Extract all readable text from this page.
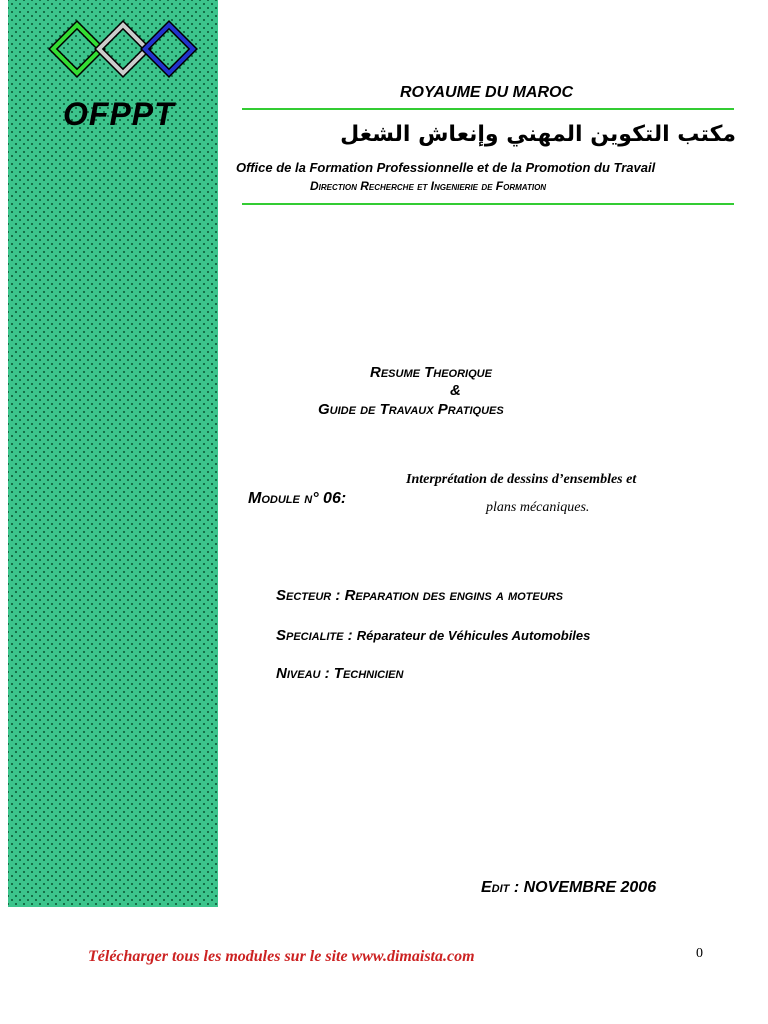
OFPPT
ROYAUME DU MAROC
مكتب التكوين المهني وإنعاش الشغل
Office de la Formation Professionnelle et de la Promotion du Travail
Direction Recherche et Ingenierie de Formation
Resume Theorique
&
Guide de Travaux Pratiques
Module n° 06:
Interprétation de dessins d’ensembles et
plans mécaniques.
Secteur : Reparation des engins a moteurs
Specialite : Réparateur de Véhicules Automobiles
Niveau : Technicien
Edit : NOVEMBRE 2006
Télécharger tous les modules sur le site www.dimaista.com	0
